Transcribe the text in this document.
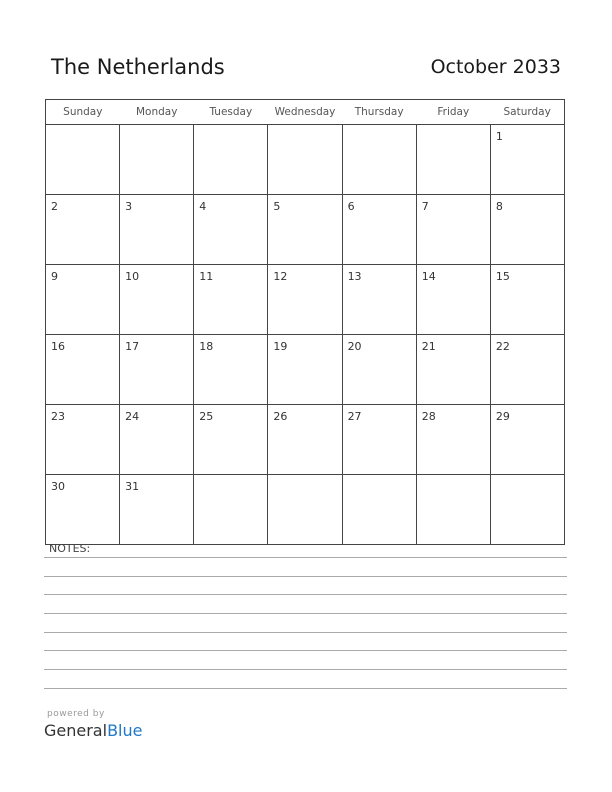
The Netherlands	October 2033
Sunday	Monday	Tuesday	Wednesday	Thursday	Friday	Saturday
						1
2	3	4	5	6	7	8
9	10	11	12	13	14	15
16	17	18	19	20	21	22
23	24	25	26	27	28	29
30	31					
NOTES:
powered by
GeneralBlue
